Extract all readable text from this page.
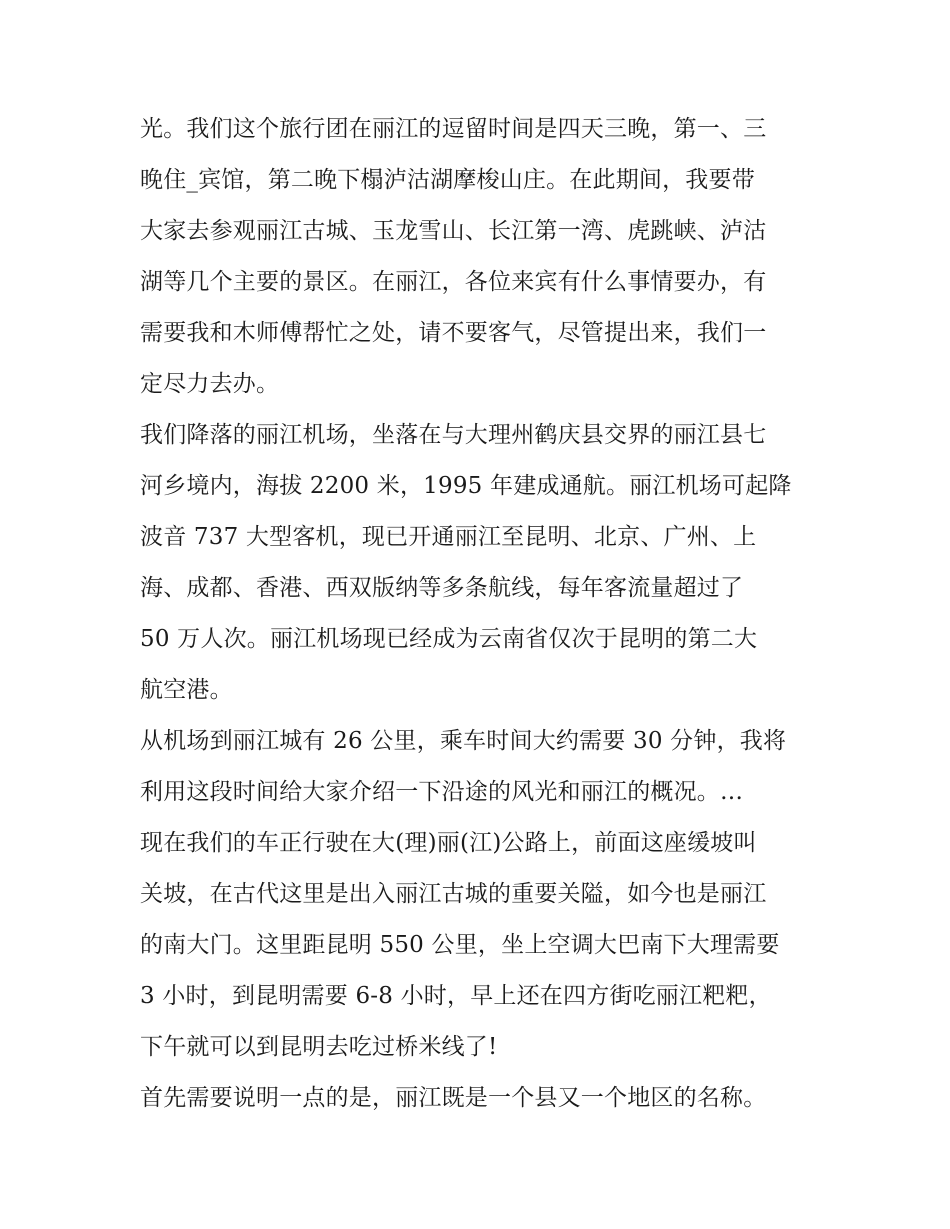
光。我们这个旅行团在丽江的逗留时间是四天三晚，第一、三
晚住_宾馆，第二晚下榻泸沽湖摩梭山庄。在此期间，我要带
大家去参观丽江古城、玉龙雪山、长江第一湾、虎跳峡、泸沽
湖等几个主要的景区。在丽江，各位来宾有什么事情要办，有
需要我和木师傅帮忙之处，请不要客气，尽管提出来，我们一
定尽力去办。
我们降落的丽江机场，坐落在与大理州鹤庆县交界的丽江县七
河乡境内，海拔 2200 米，1995 年建成通航。丽江机场可起降
波音 737 大型客机，现已开通丽江至昆明、北京、广州、上
海、成都、香港、西双版纳等多条航线，每年客流量超过了
50 万人次。丽江机场现已经成为云南省仅次于昆明的第二大
航空港。
从机场到丽江城有 26 公里，乘车时间大约需要 30 分钟，我将
利用这段时间给大家介绍一下沿途的风光和丽江的概况。…
现在我们的车正行驶在大(理)丽(江)公路上，前面这座缓坡叫
关坡，在古代这里是出入丽江古城的重要关隘，如今也是丽江
的南大门。这里距昆明 550 公里，坐上空调大巴南下大理需要
3 小时，到昆明需要 6-8 小时，早上还在四方街吃丽江粑粑，
下午就可以到昆明去吃过桥米线了!
首先需要说明一点的是，丽江既是一个县又一个地区的名称。
